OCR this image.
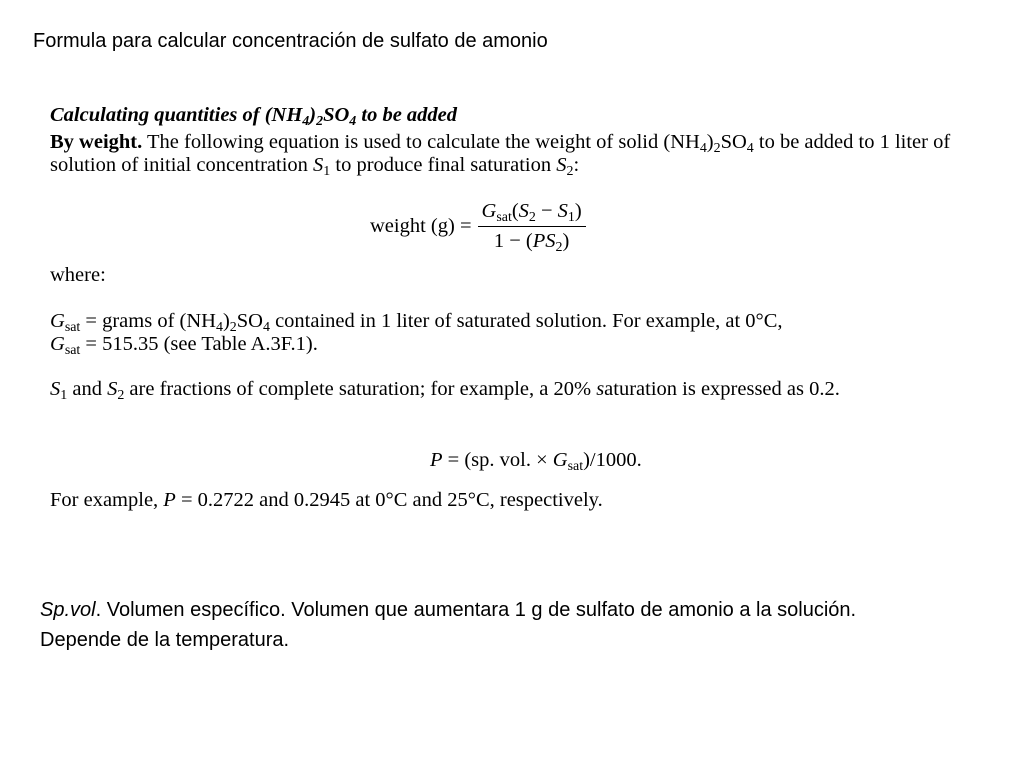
Formula para calcular concentración de sulfato de amonio

Calculating quantities of $(NH_4)_2SO_4$ to be added

By weight. The following equation is used to calculate the weight of solid $(NH_4)_2SO_4$ to be added to 1 liter of solution of initial concentration $S_1$ to produce final saturation $S_2$:

weight $(g) = \frac{G_{sat}(S_2 - S_1)}{1 - (PS_2)}$

where:

$G_{sat}$ = grams of $(NH_4)_2SO_4$ contained in 1 liter of saturated solution. For example, at 0°C,
$G_{sat} = 515.35$ (see Table A.3F.1).

$S_1$ and $S_2$ are fractions of complete saturation; for example, a 20% saturation is expressed as 0.2.

P = (sp. vol. × $G_{sat})/1000$.

For example, P = 0.2722 and 0.2945 at 0°C and 25°C, respectively.

Sp.vol. Volumen específico. Volumen que aumentara 1 g de sulfato de amonio a la solución.

Depende de la temperatura.
